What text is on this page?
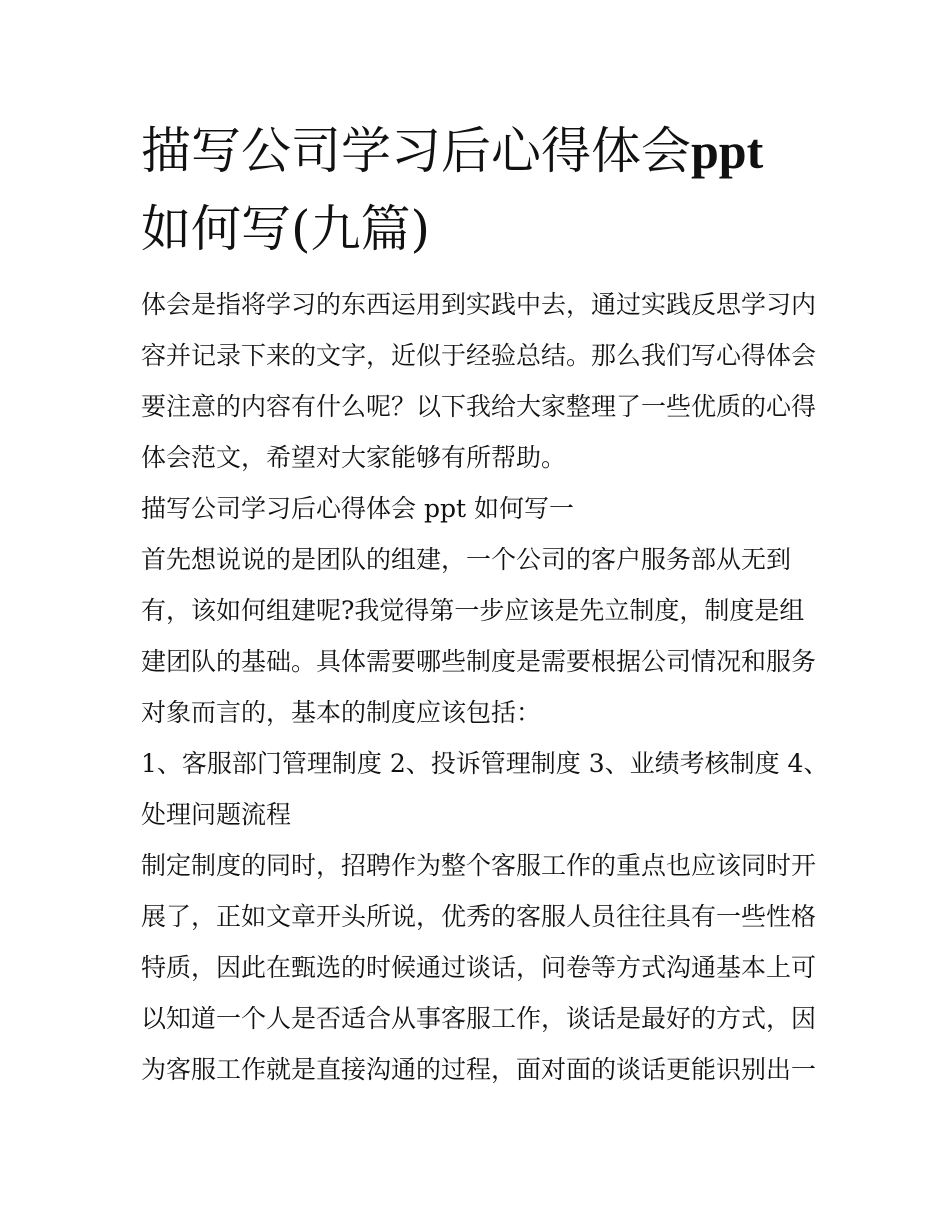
描写公司学习后心得体会ppt
如何写(九篇)
体会是指将学习的东西运用到实践中去，通过实践反思学习内
容并记录下来的文字，近似于经验总结。那么我们写心得体会
要注意的内容有什么呢？以下我给大家整理了一些优质的心得
体会范文，希望对大家能够有所帮助。
描写公司学习后心得体会 ppt 如何写一
首先想说说的是团队的组建，一个公司的客户服务部从无到
有，该如何组建呢?我觉得第一步应该是先立制度，制度是组
建团队的基础。具体需要哪些制度是需要根据公司情况和服务
对象而言的，基本的制度应该包括：
1、客服部门管理制度 2、投诉管理制度 3、业绩考核制度 4、
处理问题流程
制定制度的同时，招聘作为整个客服工作的重点也应该同时开
展了，正如文章开头所说，优秀的客服人员往往具有一些性格
特质，因此在甄选的时候通过谈话，问卷等方式沟通基本上可
以知道一个人是否适合从事客服工作，谈话是最好的方式，因
为客服工作就是直接沟通的过程，面对面的谈话更能识别出一
